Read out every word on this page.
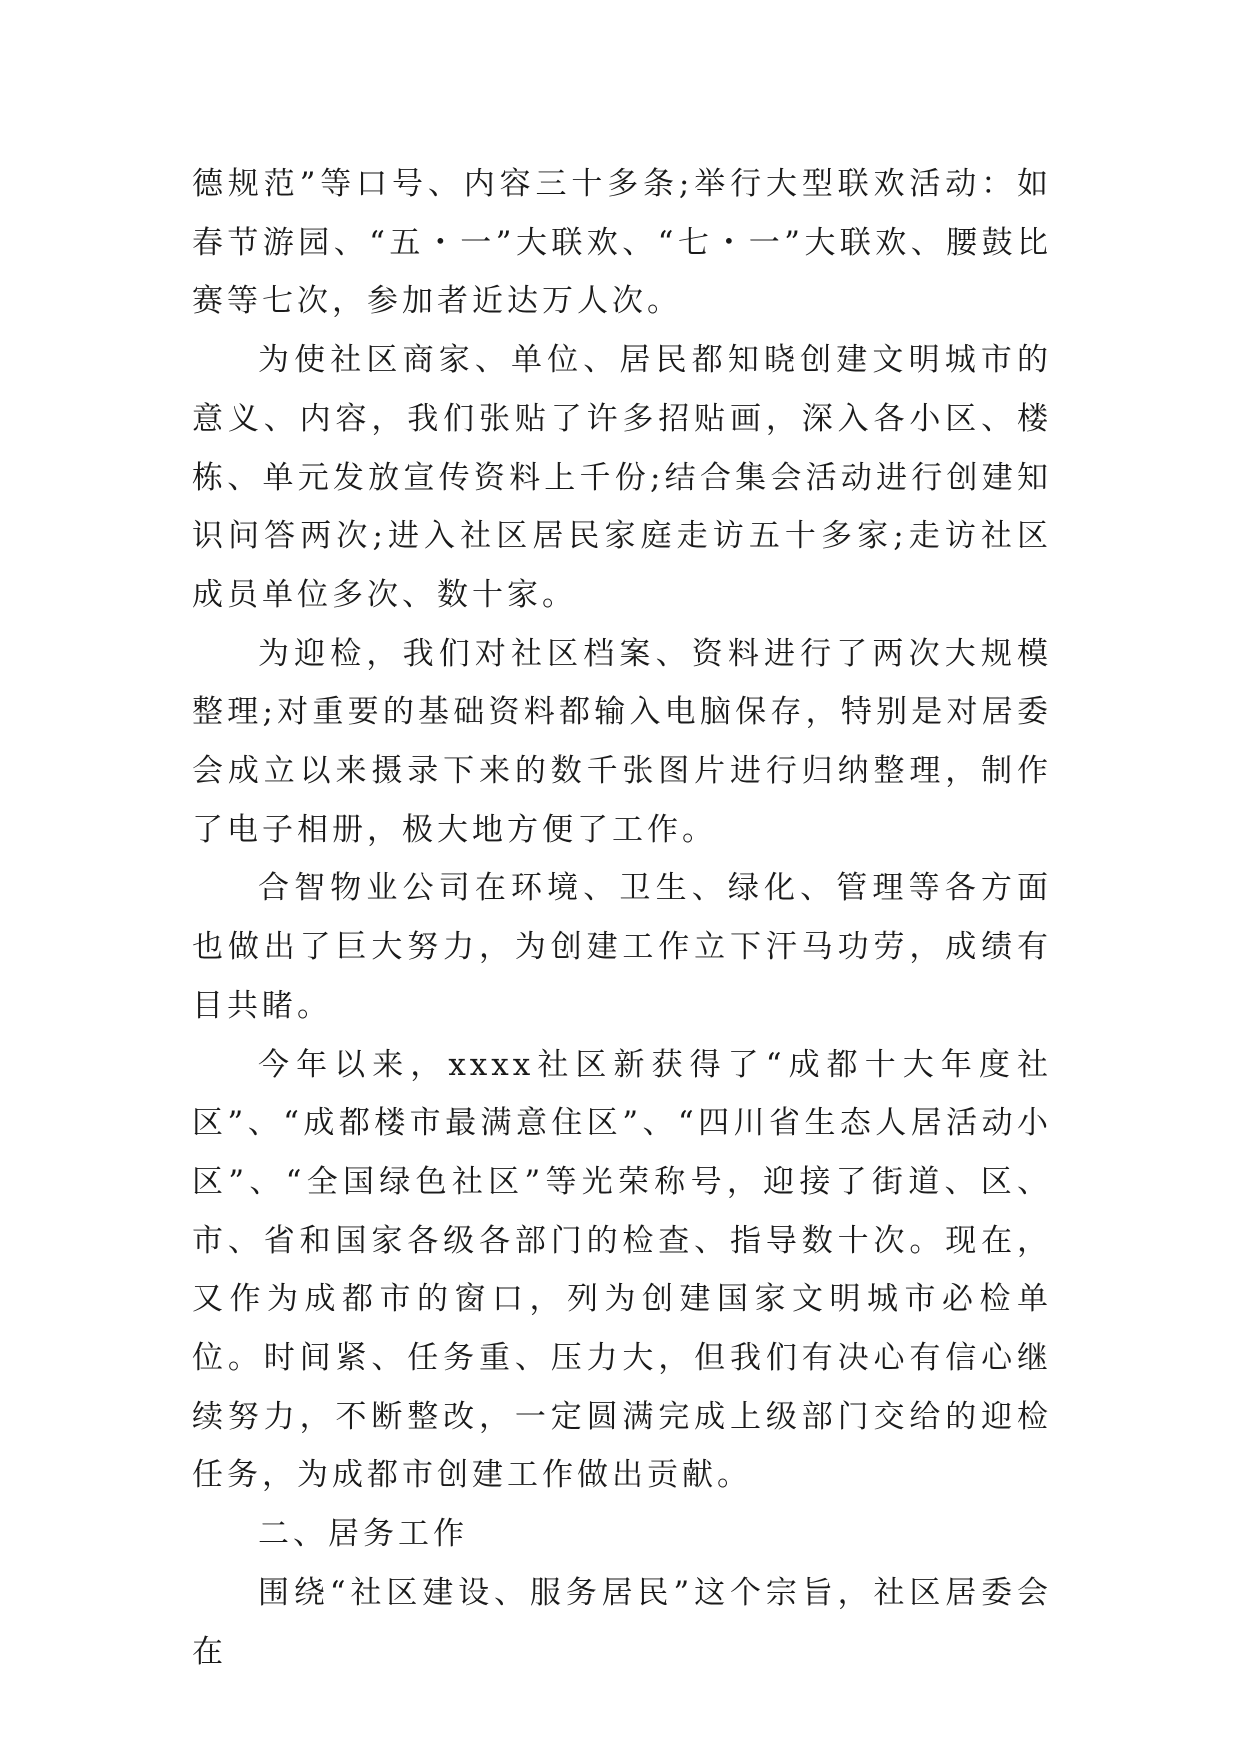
德规范”等口号、内容三十多条;举行大型联欢活动：如春节游园、“五・一”大联欢、“七・一”大联欢、腰鼓比赛等七次，参加者近达万人次。

为使社区商家、单位、居民都知晓创建文明城市的意义、内容，我们张贴了许多招贴画，深入各小区、楼栋、单元发放宣传资料上千份;结合集会活动进行创建知识问答两次;进入社区居民家庭走访五十多家;走访社区成员单位多次、数十家。

为迎检，我们对社区档案、资料进行了两次大规模整理;对重要的基础资料都输入电脑保存，特别是对居委会成立以来摄录下来的数千张图片进行归纳整理，制作了电子相册，极大地方便了工作。

合智物业公司在环境、卫生、绿化、管理等各方面也做出了巨大努力，为创建工作立下汗马功劳，成绩有目共睹。

今年以来，xxxx社区新获得了“成都十大年度社区”、“成都楼市最满意住区”、“四川省生态人居活动小区”、“全国绿色社区”等光荣称号，迎接了街道、区、市、省和国家各级各部门的检查、指导数十次。现在，又作为成都市的窗口，列为创建国家文明城市必检单位。时间紧、任务重、压力大，但我们有决心有信心继续努力，不断整改，一定圆满完成上级部门交给的迎检任务，为成都市创建工作做出贡献。

二、居务工作

围绕“社区建设、服务居民”这个宗旨，社区居委会在
